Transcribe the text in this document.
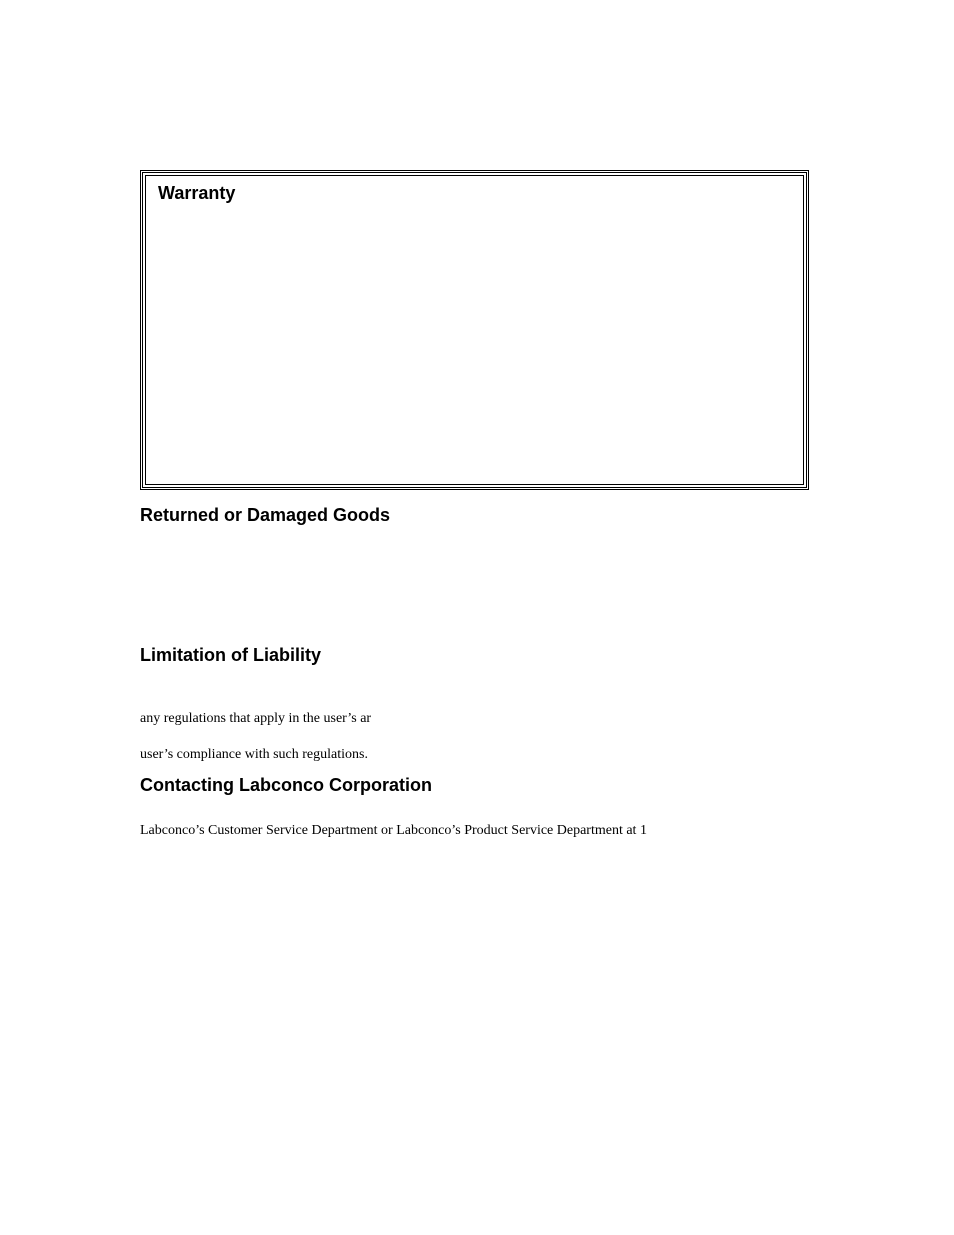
Warranty
Returned or Damaged Goods
Limitation of Liability

any regulations that apply in the user’s ar

user’s compliance with such regulations.

Contacting Labconco Corporation

Labconco’s Customer Service Department or Labconco’s Product Service Department at 1
